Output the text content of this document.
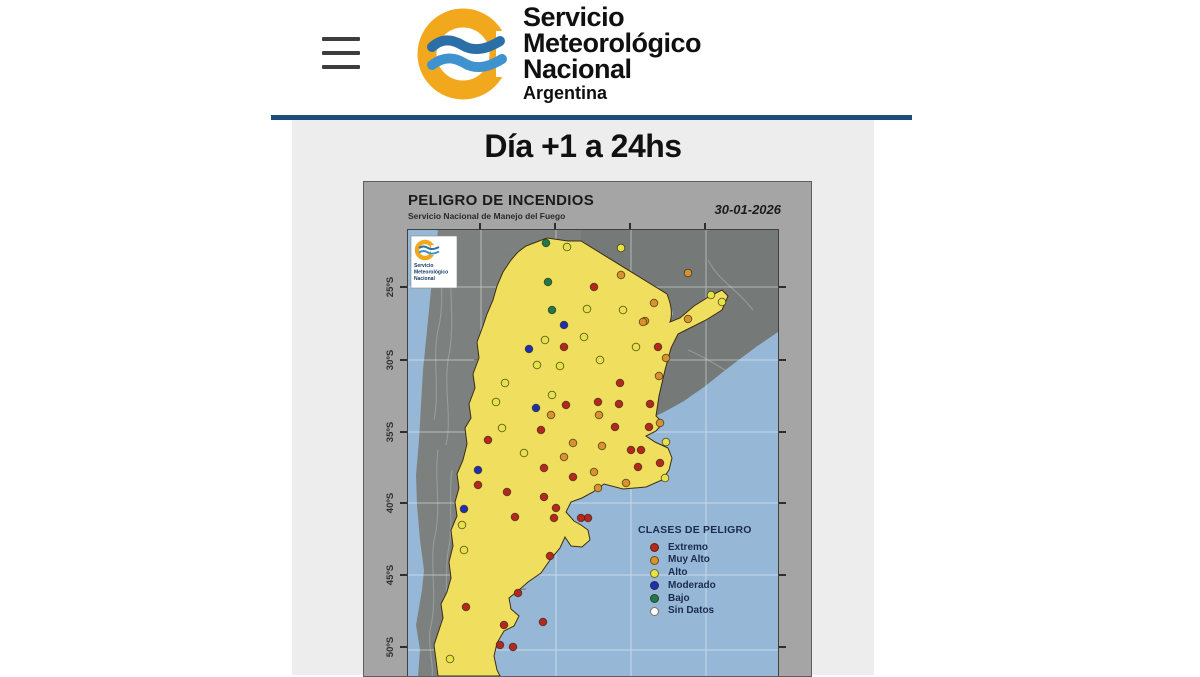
Servicio
Meteorológico
Nacional
Argentina
Día +1 a 24hs
PELIGRO DE INCENDIOS
Servicio Nacional de Manejo del Fuego	30-01-2026
25ºS
30ºS
35ºS
40ºS
45ºS
50ºS
Servicio
Meteorológico
Nacional
CLASES DE PELIGRO
Extremo
Muy Alto
Alto
Moderado
Bajo
Sin Datos
